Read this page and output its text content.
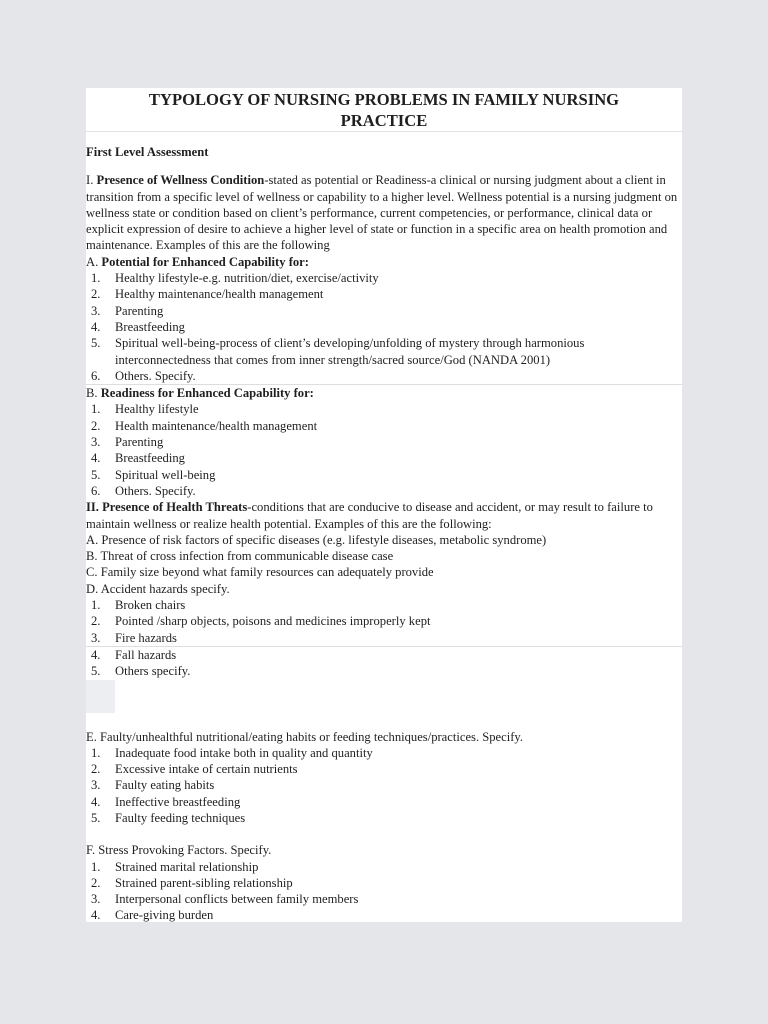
TYPOLOGY OF NURSING PROBLEMS IN FAMILY NURSING
PRACTICE

First Level Assessment

I. Presence of Wellness Condition-stated as potential or Readiness-a clinical or nursing judgment about a client in transition from a specific level of wellness or capability to a higher level. Wellness potential is a nursing judgment on wellness state or condition based on client’s performance, current competencies, or performance, clinical data or explicit expression of desire to achieve a higher level of state or function in a specific area on health promotion and maintenance. Examples of this are the following

A. Potential for Enhanced Capability for:

1. Healthy lifestyle-e.g. nutrition/diet, exercise/activity
2. Healthy maintenance/health management
3. Parenting
4. Breastfeeding
5. Spiritual well-being-process of client’s developing/unfolding of mystery through harmonious interconnectedness that comes from inner strength/sacred source/God (NANDA 2001)
6. Others. Specify.

B. Readiness for Enhanced Capability for:

1. Healthy lifestyle
2. Health maintenance/health management
3. Parenting
4. Breastfeeding
5. Spiritual well-being
6. Others. Specify.

II. Presence of Health Threats-conditions that are conducive to disease and accident, or may result to failure to maintain wellness or realize health potential. Examples of this are the following:

A. Presence of risk factors of specific diseases (e.g. lifestyle diseases, metabolic syndrome)

B. Threat of cross infection from communicable disease case

C. Family size beyond what family resources can adequately provide

D. Accident hazards specify.

1. Broken chairs
2. Pointed /sharp objects, poisons and medicines improperly kept
3. Fire hazards
4. Fall hazards
5. Others specify.

E. Faulty/unhealthful nutritional/eating habits or feeding techniques/practices. Specify.

1. Inadequate food intake both in quality and quantity
2. Excessive intake of certain nutrients
3. Faulty eating habits
4. Ineffective breastfeeding
5. Faulty feeding techniques

F. Stress Provoking Factors. Specify.

1. Strained marital relationship
2. Strained parent-sibling relationship
3. Interpersonal conflicts between family members
4. Care-giving burden
